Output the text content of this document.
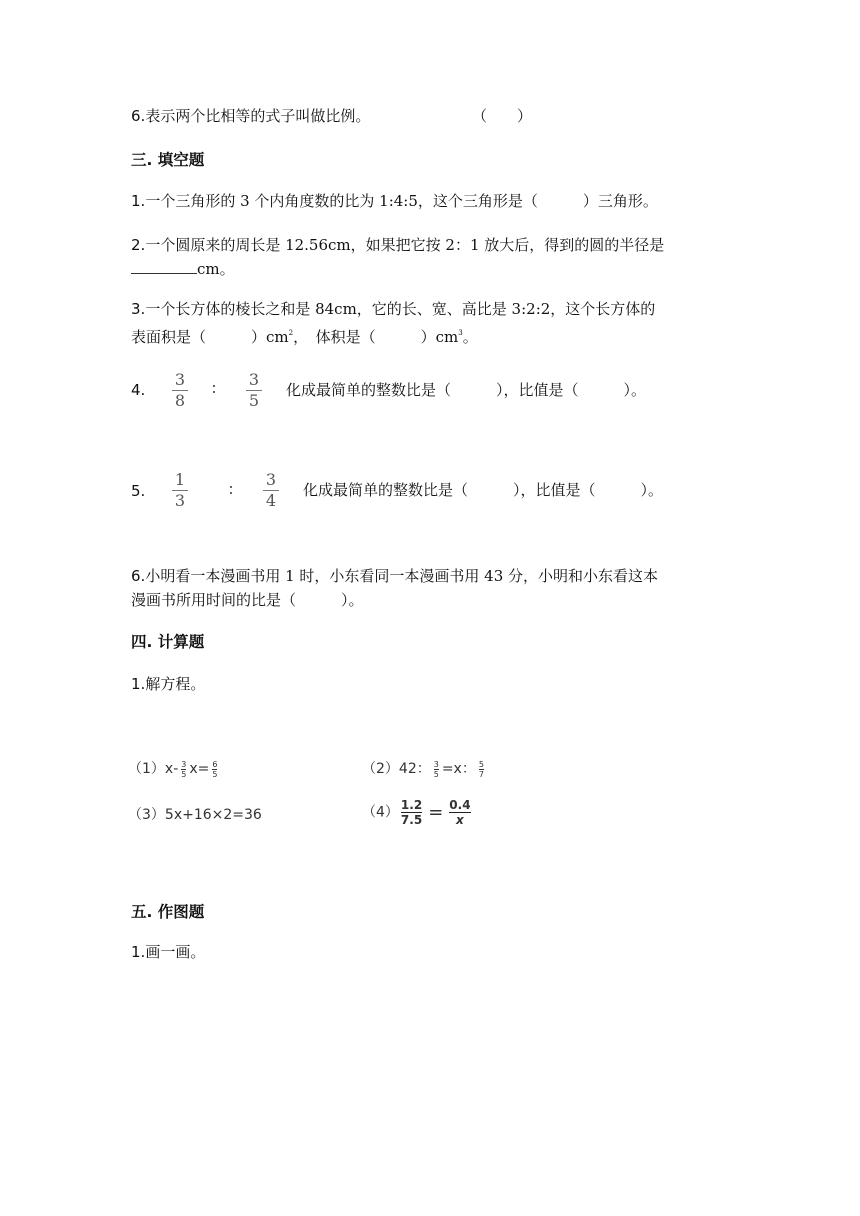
6.表示两个比相等的式子叫做比例。	（　　）
三. 填空题
1.一个三角形的 3 个内角度数的比为 1:4:5，这个三角形是（　　　）三角形。
2.一个圆原来的周长是 12.56cm，如果把它按 2：1 放大后，得到的圆的半径是
cm。
3.一个长方体的棱长之和是 84cm，它的长、宽、高比是 3:2:2，这个长方体的
表面积是（　　　）$cm^2$，　体积是（　　　）$cm^3$。
4.
3
8
∶	3
5
化成最简单的整数比是（　　　），比值是（　　　）。
5.
1
3
∶
3
4
化成最简单的整数比是（　　　），比值是（　　　）。
6.小明看一本漫画书用 1 时，小东看同一本漫画书用 43 分，小明和小东看这本
漫画书所用时间的比是（　　　）。
四. 计算题
1.解方程。
$(1)x- \frac{3}{5} x= \frac{6}{5}$	（2）42： $\frac{3}{5} =x$： $\frac{5}{7}$
（3）5x+16×2=36	$(4) \frac{1.2}{7.5} = \frac{0.4}{x}$
五. 作图题
1.画一画。
